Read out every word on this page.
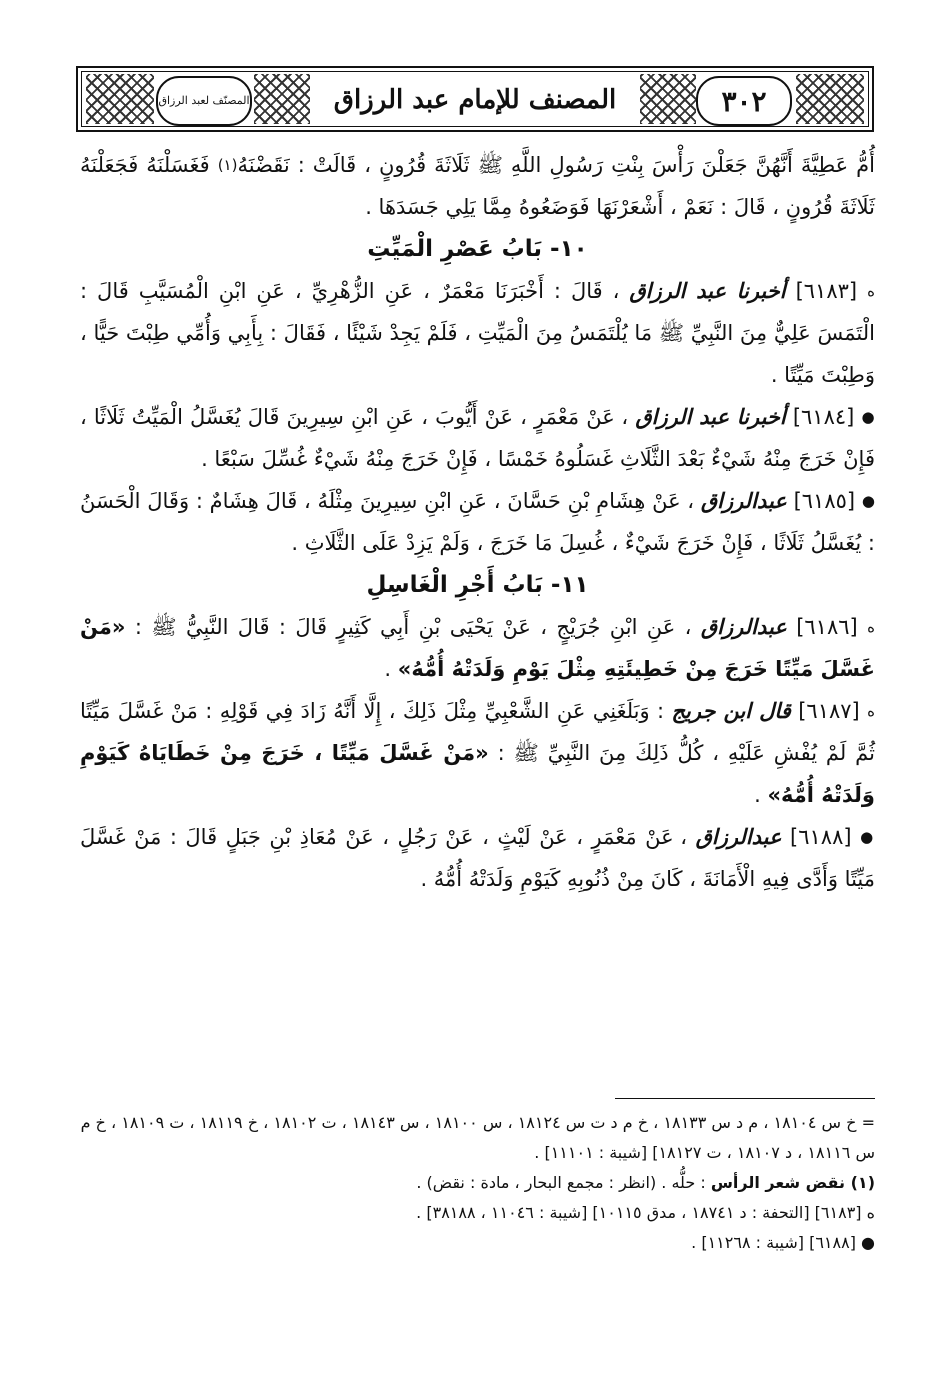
المصنّف لعبد الرزاق	المصنف للإمام عبد الرزاق	٣٠٢

أُمُّ عَطِيَّةَ أَنَّهُنَّ جَعَلْنَ رَأْسَ بِنْتِ رَسُولِ اللَّهِ ﷺ ثَلَاثَةَ قُرُونٍ ، قَالَتْ : نَقَضْنَهُ$^{(١)}$ فَغَسَلْنَهُ فَجَعَلْنَهُ ثَلَاثَةَ قُرُونٍ ، قَالَ : نَعَمْ ، أَشْعَرْنَهَا فَوَضَعُوهُ مِمَّا يَلِي جَسَدَهَا .

١٠- بَابُ عَصْرِ الْمَيِّتِ

ه [٦١٨٣] أخبرنا عبد الرزاق ، قَالَ : أَخْبَرَنَا مَعْمَرٌ ، عَنِ الزُّهْرِيِّ ، عَنِ ابْنِ الْمُسَيَّبِ قَالَ : الْتَمَسَ عَلِيٌّ مِنَ النَّبِيِّ ﷺ مَا يُلْتَمَسُ مِنَ الْمَيِّتِ ، فَلَمْ يَجِدْ شَيْئًا ، فَقَالَ : بِأَبِي وَأُمِّي طِبْتَ حَيًّا ، وَطِبْتَ مَيِّتًا .

● [٦١٨٤] أخبرنا عبد الرزاق ، عَنْ مَعْمَرٍ ، عَنْ أَيُّوبَ ، عَنِ ابْنِ سِيرِينَ قَالَ يُغَسَّلُ الْمَيِّتُ ثَلَاثًا ، فَإِنْ خَرَجَ مِنْهُ شَيْءٌ بَعْدَ الثَّلَاثِ غَسَلُوهُ خَمْسًا ، فَإِنْ خَرَجَ مِنْهُ شَيْءٌ غُسِّلَ سَبْعًا .

● [٦١٨٥] عبدالرزاق ، عَنْ هِشَامِ بْنِ حَسَّانَ ، عَنِ ابْنِ سِيرِينَ مِثْلَهُ ، قَالَ هِشَامٌ : وَقَالَ الْحَسَنُ : يُغَسَّلُ ثَلَاثًا ، فَإِنْ خَرَجَ شَيْءٌ ، غُسِلَ مَا خَرَجَ ، وَلَمْ يَزِدْ عَلَى الثَّلَاثِ .

١١- بَابُ أَجْرِ الْغَاسِلِ

ه [٦١٨٦] عبدالرزاق ، عَنِ ابْنِ جُرَيْجٍ ، عَنْ يَحْيَى بْنِ أَبِي كَثِيرٍ قَالَ : قَالَ النَّبِيُّ ﷺ : «مَنْ غَسَّلَ مَيِّتًا خَرَجَ مِنْ خَطِيئَتِهِ مِثْلَ يَوْمِ وَلَدَتْهُ أُمُّهُ» .

ه [٦١٨٧] قال ابن جريج : وَبَلَغَنِي عَنِ الشَّعْبِيِّ مِثْلَ ذَلِكَ ، إِلَّا أَنَّهُ زَادَ فِي قَوْلِهِ : مَنْ غَسَّلَ مَيِّتًا ثُمَّ لَمْ يُفْشِ عَلَيْهِ ، كُلُّ ذَلِكَ مِنَ النَّبِيِّ ﷺ : «مَنْ غَسَّلَ مَيِّتًا ، خَرَجَ مِنْ خَطَايَاهُ كَيَوْمِ وَلَدَتْهُ أُمُّهُ» .

● [٦١٨٨] عبدالرزاق ، عَنْ مَعْمَرٍ ، عَنْ لَيْثٍ ، عَنْ رَجُلٍ ، عَنْ مُعَاذِ بْنِ جَبَلٍ قَالَ : مَنْ غَسَّلَ مَيِّتًا وَأَدَّى فِيهِ الْأَمَانَةَ ، كَانَ مِنْ ذُنُوبِهِ كَيَوْمِ وَلَدَتْهُ أُمُّهُ .

= خ س ١٨١٠٤ ، م د س ١٨١٣٣ ، خ م د ت س ١٨١٢٤ ، س ١٨١٠٠ ، س ١٨١٤٣ ، ت ١٨١٠٢ ، خ ١٨١١٩ ، ت ١٨١٠٩ ، خ م س ١٨١١٦ ، د ١٨١٠٧ ، ت ١٨١٢٧] [شيبة : ١١١٠١] .

(١) نقض شعر الرأس : حلُّه . (انظر : مجمع البحار ، مادة : نقض) .

ه [٦١٨٣] [التحفة : د ١٨٧٤١ ، مدق ١٠١١٥] [شيبة : ١١٠٤٦ ، ٣٨١٨٨] .

● [٦١٨٨] [شيبة : ١١٢٦٨] .
